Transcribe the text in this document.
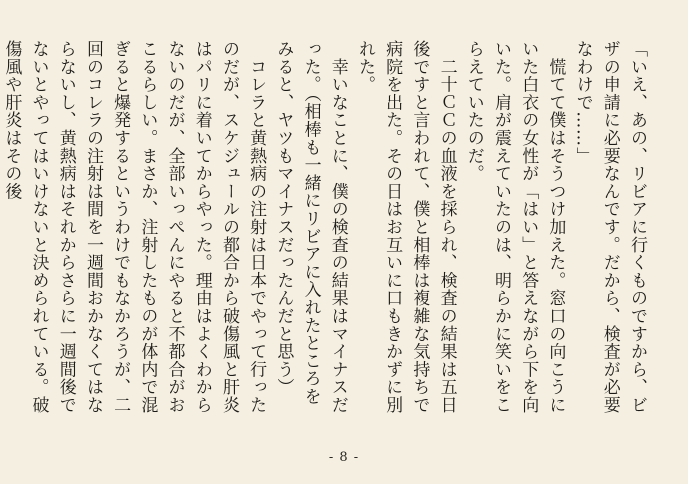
「いえ、あの、リビアに行くものですから、ビザの申請に必要なんです。だから、検査が必要なわけで……」

　慌てて僕はそうつけ加えた。窓口の向こうにいた白衣の女性が「はい」と答えながら下を向いた。肩が震えていたのは、明らかに笑いをこらえていたのだ。

　二十ＣＣの血液を採られ、検査の結果は五日後ですと言われて、僕と相棒は複雑な気持ちで病院を出た。その日はお互いに口もきかずに別れた。

　幸いなことに、僕の検査の結果はマイナスだった。（相棒も一緒にリビアに入れたところをみると、ヤツもマイナスだったんだと思う）

　コレラと黄熱病の注射は日本でやって行ったのだが、スケジュールの都合から破傷風と肝炎はパリに着いてからやった。理由はよくわからないのだが、全部いっぺんにやると不都合がおこるらしい。まさか、注射したものが体内で混ぎると爆発するというわけでもなかろうが、二回のコレラの注射は間を一週間おかなくてはならないし、黄熱病はそれからさらに一週間後でないとやってはいけないと決められている。破傷風や肝炎はその後

- 8 -
